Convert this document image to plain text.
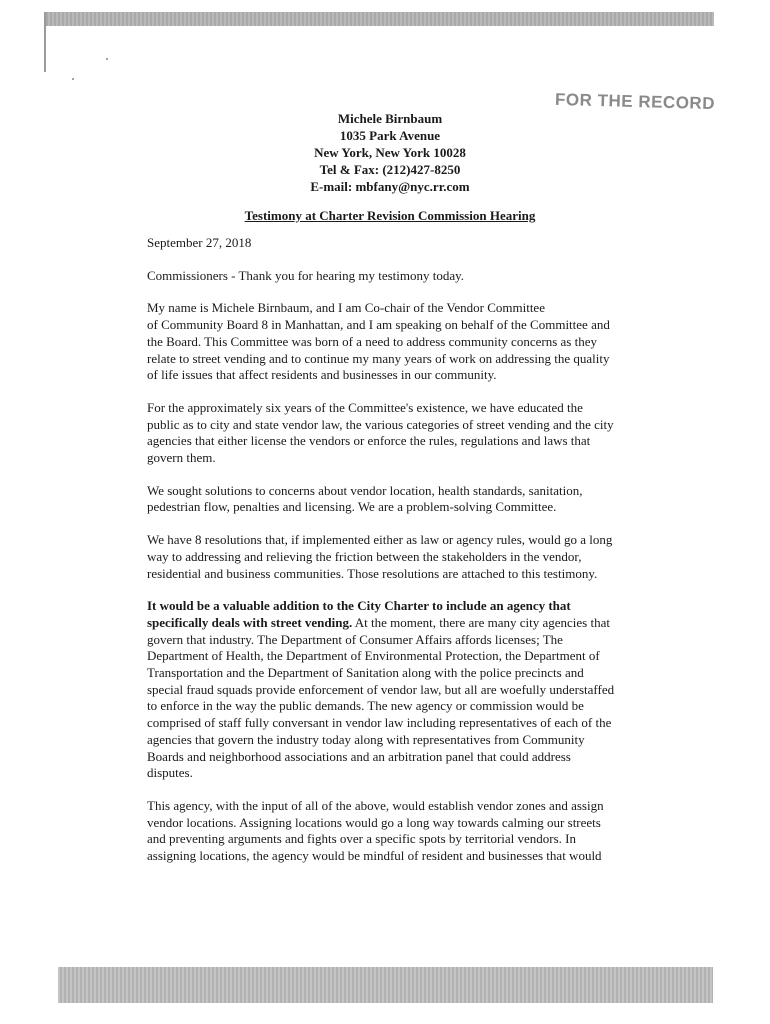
FOR THE RECORD
Michele Birnbaum
1035 Park Avenue
New York, New York 10028
Tel & Fax: (212)427-8250
E-mail: mbfany@nyc.rr.com
Testimony at Charter Revision Commission Hearing

September 27, 2018

Commissioners - Thank you for hearing my testimony today.

My name is Michele Birnbaum, and I am Co-chair of the Vendor Committee
of Community Board 8 in Manhattan, and I am speaking on behalf of the Committee and
the Board. This Committee was born of a need to address community concerns as they
relate to street vending and to continue my many years of work on addressing the quality
of life issues that affect residents and businesses in our community.

For the approximately six years of the Committee's existence, we have educated the
public as to city and state vendor law, the various categories of street vending and the city
agencies that either license the vendors or enforce the rules, regulations and laws that
govern them.

We sought solutions to concerns about vendor location, health standards, sanitation,
pedestrian flow, penalties and licensing. We are a problem-solving Committee.

We have 8 resolutions that, if implemented either as law or agency rules, would go a long
way to addressing and relieving the friction between the stakeholders in the vendor,
residential and business communities. Those resolutions are attached to this testimony.

It would be a valuable addition to the City Charter to include an agency that
specifically deals with street vending. At the moment, there are many city agencies that
govern that industry. The Department of Consumer Affairs affords licenses; The
Department of Health, the Department of Environmental Protection, the Department of
Transportation and the Department of Sanitation along with the police precincts and
special fraud squads provide enforcement of vendor law, but all are woefully understaffed
to enforce in the way the public demands. The new agency or commission would be
comprised of staff fully conversant in vendor law including representatives of each of the
agencies that govern the industry today along with representatives from Community
Boards and neighborhood associations and an arbitration panel that could address
disputes.

This agency, with the input of all of the above, would establish vendor zones and assign
vendor locations. Assigning locations would go a long way towards calming our streets
and preventing arguments and fights over a specific spots by territorial vendors. In
assigning locations, the agency would be mindful of resident and businesses that would
